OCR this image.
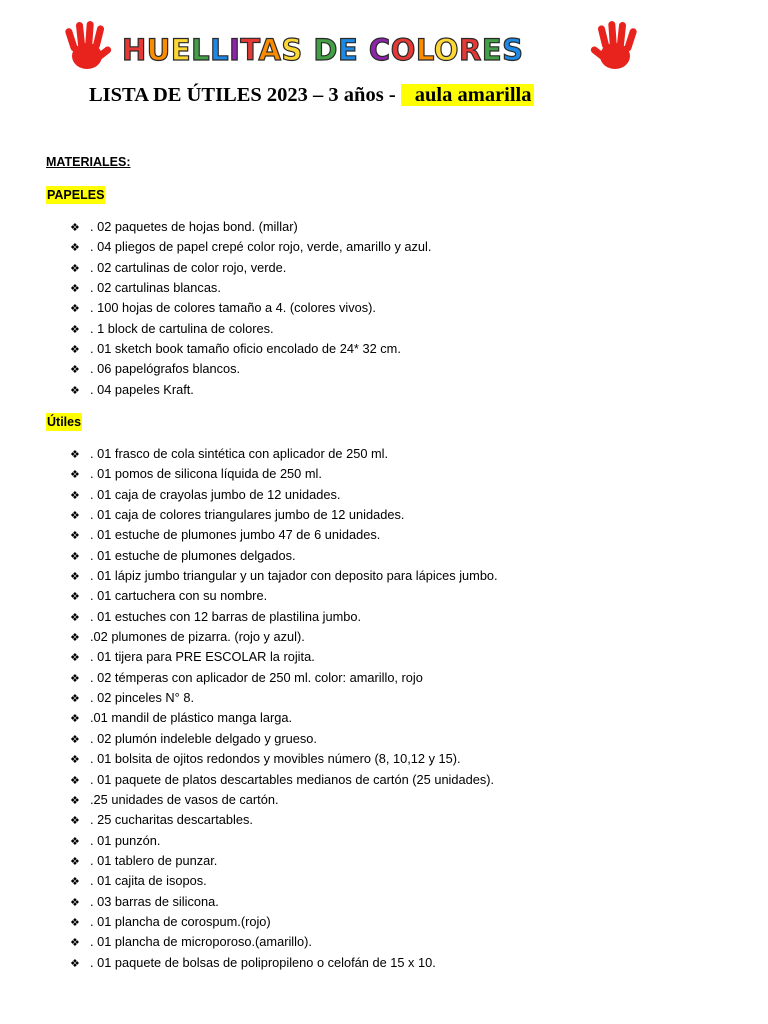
HUELLITAS DE COLORES
LISTA DE ÚTILES 2023 – 3 años - aula amarilla
MATERIALES:
PAPELES
❖ . 02 paquetes de hojas bond. (millar)
❖ . 04 pliegos de papel crepé color rojo, verde, amarillo y azul.
❖ . 02 cartulinas de color rojo, verde.
❖ . 02 cartulinas blancas.
❖ . 100 hojas de colores tamaño a 4. (colores vivos).
❖ . 1 block de cartulina de colores.
❖ . 01 sketch book tamaño oficio encolado de 24* 32 cm.
❖ . 06 papelógrafos blancos.
❖ . 04 papeles Kraft.
Útiles
❖ . 01 frasco de cola sintética con aplicador de 250 ml.
❖ . 01 pomos de silicona líquida de 250 ml.
❖ . 01 caja de crayolas jumbo de 12 unidades.
❖ . 01 caja de colores triangulares jumbo de 12 unidades.
❖ . 01 estuche de plumones jumbo 47 de 6 unidades.
❖ . 01 estuche de plumones delgados.
❖ . 01 lápiz jumbo triangular y un tajador con deposito para lápices jumbo.
❖ . 01 cartuchera con su nombre.
❖ . 01 estuches con 12 barras de plastilina jumbo.
❖.02 plumones de pizarra. (rojo y azul).
❖ . 01 tijera para PRE ESCOLAR la rojita.
❖ . 02 témperas con aplicador de 250 ml. color: amarillo, rojo
❖ . 02 pinceles N° 8.
❖.01 mandil de plástico manga larga.
❖ . 02 plumón indeleble delgado y grueso.
❖ . 01 bolsita de ojitos redondos y movibles número (8, 10,12 y 15).
❖ . 01 paquete de platos descartables medianos de cartón (25 unidades).
❖.25 unidades de vasos de cartón.
❖ . 25 cucharitas descartables.
❖ . 01 punzón.
❖ . 01 tablero de punzar.
❖ . 01 cajita de isopos.
❖ . 03 barras de silicona.
❖ . 01 plancha de corospum.(rojo)
❖ . 01 plancha de microporoso.(amarillo).
❖ . 01 paquete de bolsas de polipropileno o celofán de 15 x 10.
